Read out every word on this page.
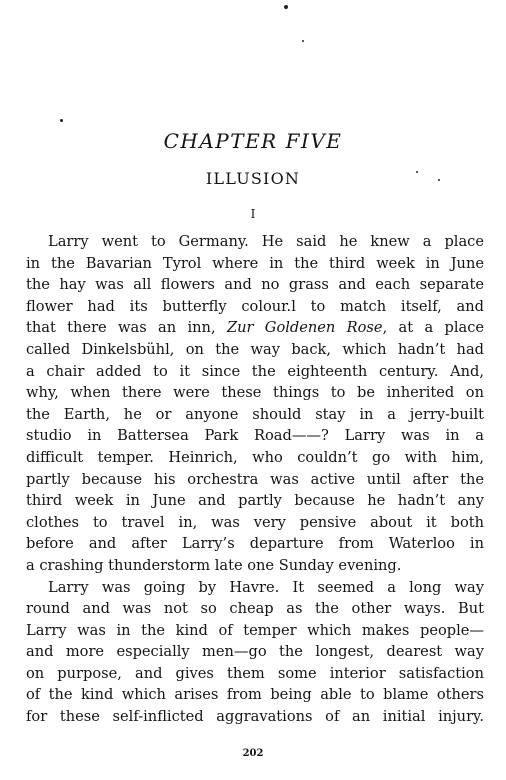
CHAPTER FIVE
ILLUSION
I
Larry went to Germany. He said he knew a place
in the Bavarian Tyrol where in the third week in June
the hay was all flowers and no grass and each separate
flower had its butterfly colour.l to match itself, and
that there was an inn, Zur Goldenen Rose, at a place
called Dinkelsbühl, on the way back, which hadn’t had
a chair added to it since the eighteenth century. And,
why, when there were these things to be inherited on
the Earth, he or anyone should stay in a jerry-built
studio in Battersea Park Road——? Larry was in a
difficult temper. Heinrich, who couldn’t go with him,
partly because his orchestra was active until after the
third week in June and partly because he hadn’t any
clothes to travel in, was very pensive about it both
before and after Larry’s departure from Waterloo in
a crashing thunderstorm late one Sunday evening.
Larry was going by Havre. It seemed a long way
round and was not so cheap as the other ways. But
Larry was in the kind of temper which makes people—
and more especially men—go the longest, dearest way
on purpose, and gives them some interior satisfaction
of the kind which arises from being able to blame others
for these self-inflicted aggravations of an initial injury.
202
